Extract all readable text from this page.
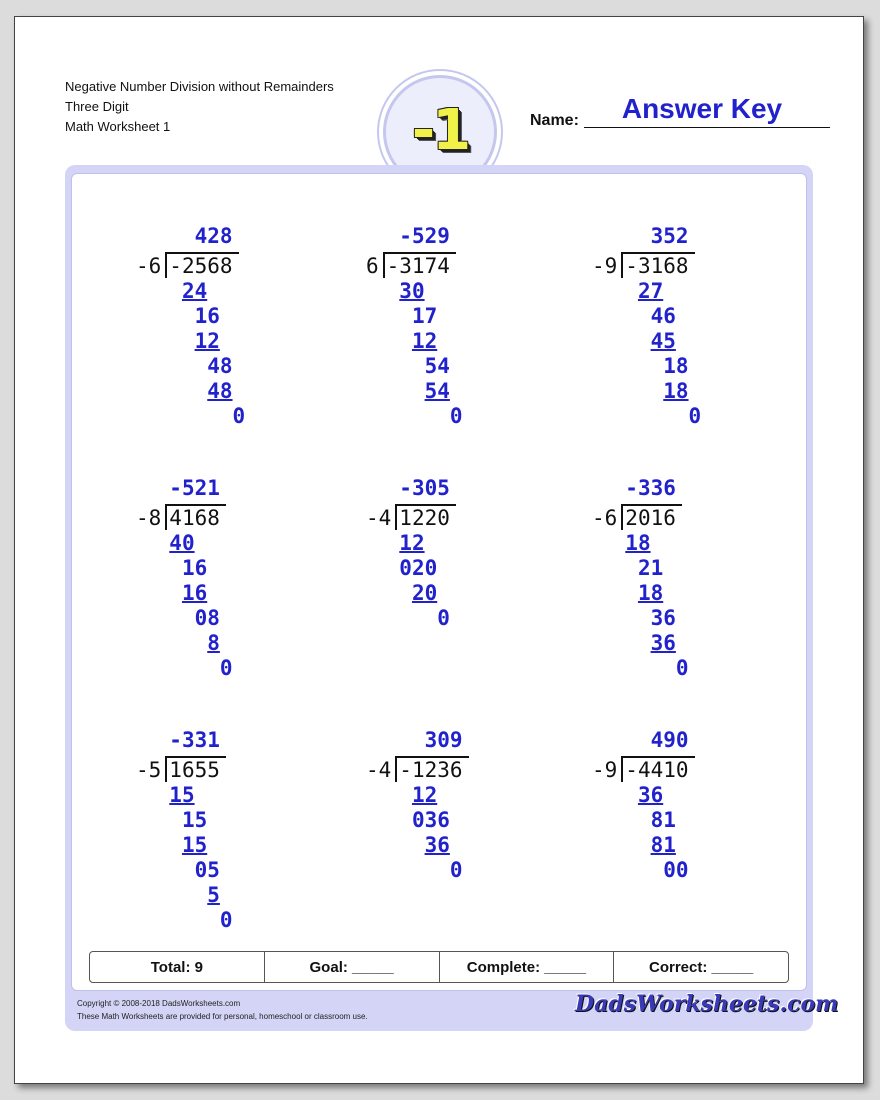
Negative Number Division without Remainders
Three Digit
Math Worksheet 1	-1	Name:	Answer Key
428
-6 -2568
24
16
12
48
48
0
-529
6 -3174
30
17
12
54
54
0
352
-9 -3168
27
46
45
18
18
0
-521
-8 4168
40
16
16
08
8
0
-305
-4 1220
12
020
20
0
-336
-6 2016
18
21
18
36
36
0
-331
-5 1655
15
15
15
05
5
0
309
-4 -1236
12
036
36
0
490
-9 -4410
36
81
81
00
Total: 9	Goal: _____	Complete: _____	Correct: _____
Copyright © 2008-2018 DadsWorksheets.com
These Math Worksheets are provided for personal, homeschool or classroom use.	DadsWorksheets.com
